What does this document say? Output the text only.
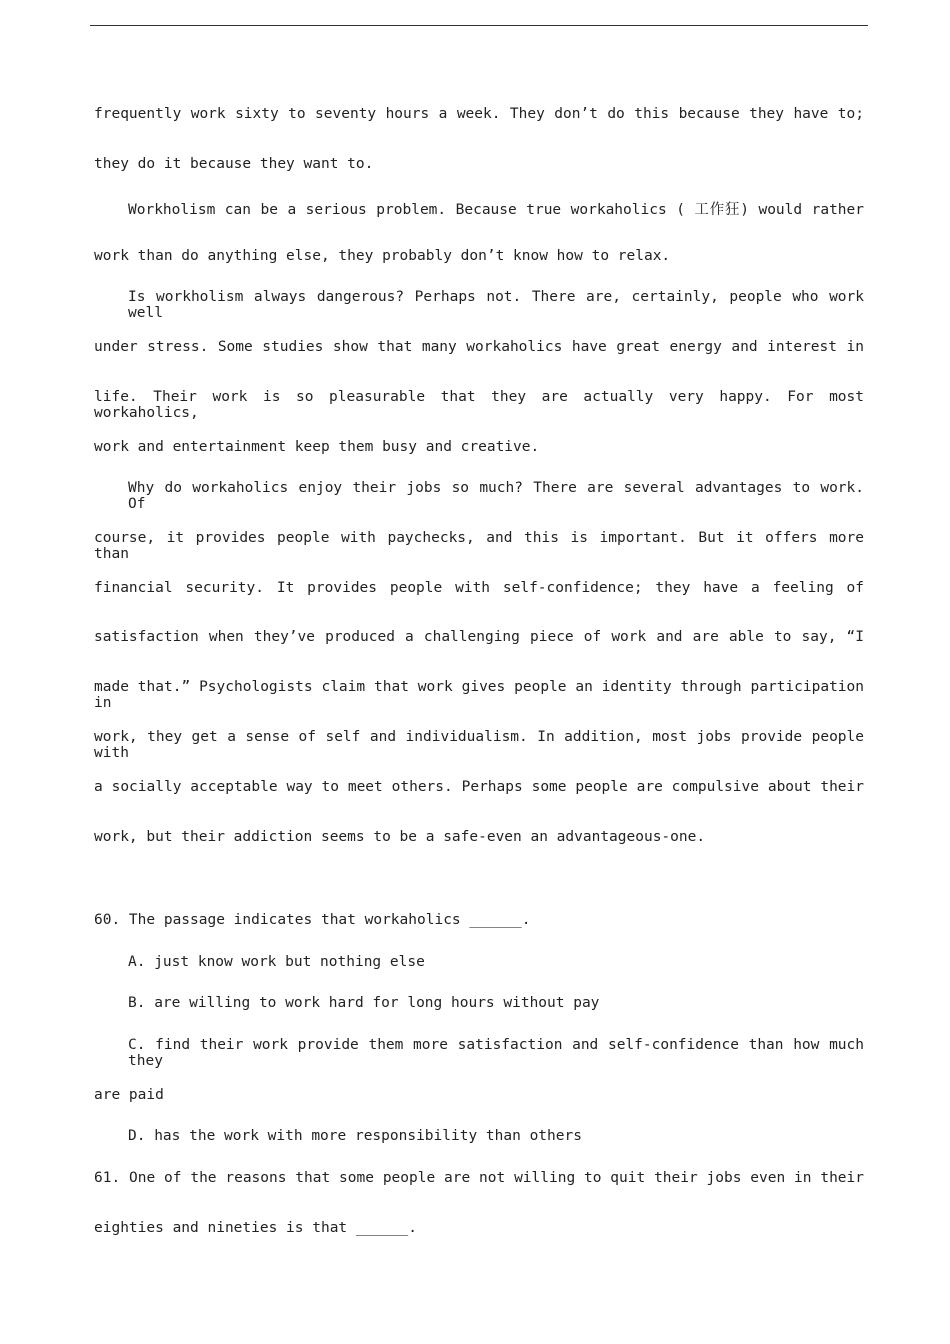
frequently work sixty to seventy hours a week. They don’t do this because they have to;
they do it because they want to.
Workholism can be a serious problem. Because true workaholics ( 工作狂) would rather
work than do anything else, they probably don’t know how to relax.
Is workholism always dangerous? Perhaps not. There are, certainly, people who work well
under stress. Some studies show that many workaholics have great energy and interest in
life. Their work is so pleasurable that they are actually very happy. For most workaholics,
work and entertainment keep them busy and creative.
Why do workaholics enjoy their jobs so much? There are several advantages to work. Of
course, it provides people with paychecks, and this is important. But it offers more than
financial security. It provides people with self-confidence; they have a feeling of
satisfaction when they’ve produced a challenging piece of work and are able to say, “I
made that.” Psychologists claim that work gives people an identity through participation in
work, they get a sense of self and individualism. In addition, most jobs provide people with
a socially acceptable way to meet others. Perhaps some people are compulsive about their
work, but their addiction seems to be a safe-even an advantageous-one.
60. The passage indicates that workaholics ______.
A. just know work but nothing else
B. are willing to work hard for long hours without pay
C. find their work provide them more satisfaction and self-confidence than how much they
are paid
D. has the work with more responsibility than others
61. One of the reasons that some people are not willing to quit their jobs even in their
eighties and nineties is that ______.
